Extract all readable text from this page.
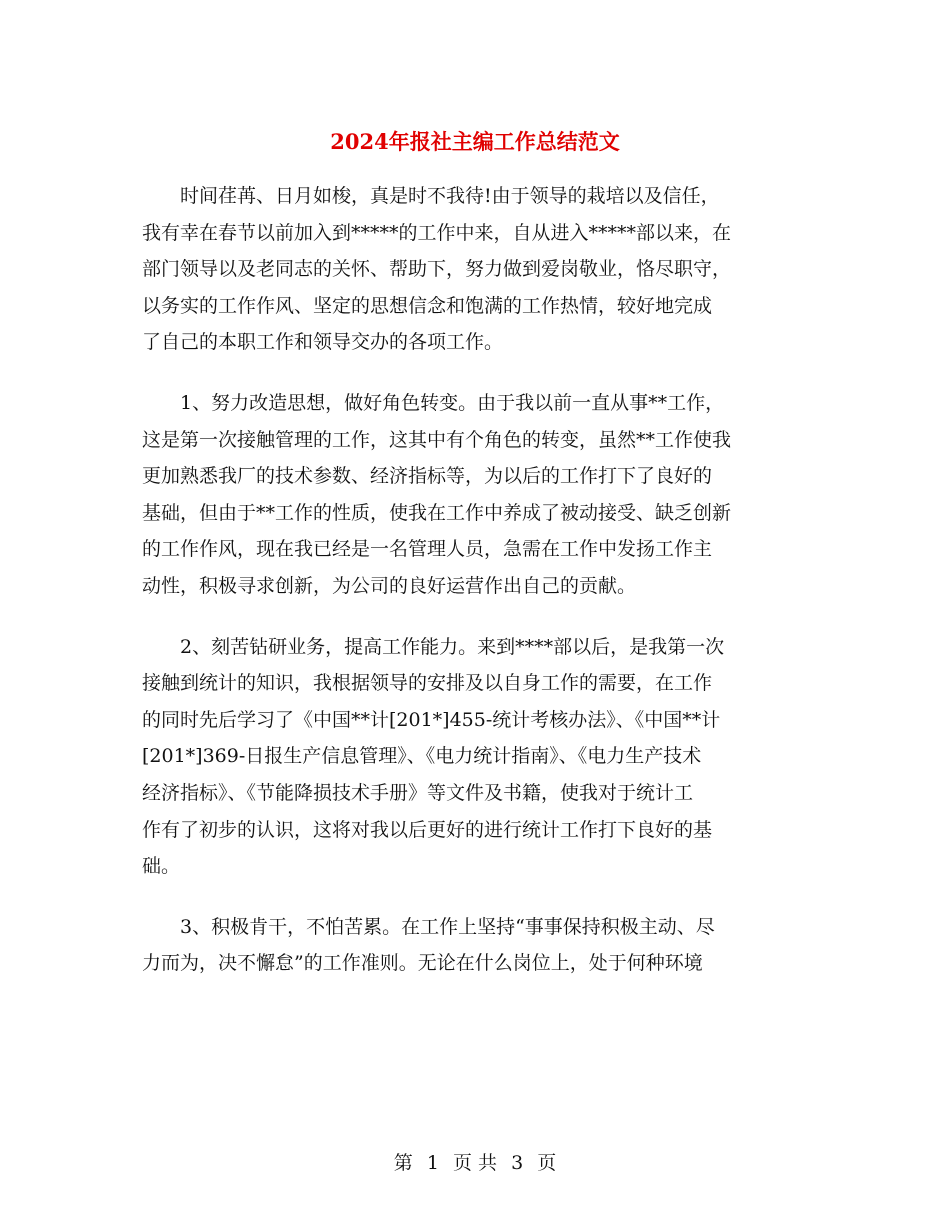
2024年报社主编工作总结范文

时间荏苒、日月如梭，真是时不我待!由于领导的栽培以及信任，
我有幸在春节以前加入到*****的工作中来，自从进入*****部以来，在
部门领导以及老同志的关怀、帮助下，努力做到爱岗敬业，恪尽职守，
以务实的工作作风、坚定的思想信念和饱满的工作热情，较好地完成
了自己的本职工作和领导交办的各项工作。

1、努力改造思想，做好角色转变。由于我以前一直从事**工作，
这是第一次接触管理的工作，这其中有个角色的转变，虽然**工作使我
更加熟悉我厂的技术参数、经济指标等，为以后的工作打下了良好的
基础，但由于**工作的性质，使我在工作中养成了被动接受、缺乏创新
的工作作风，现在我已经是一名管理人员，急需在工作中发扬工作主
动性，积极寻求创新，为公司的良好运营作出自己的贡献。

2、刻苦钻研业务，提高工作能力。来到****部以后，是我第一次
接触到统计的知识，我根据领导的安排及以自身工作的需要，在工作
的同时先后学习了《中国**计[201*]455-统计考核办法》、《中国**计
[201*]369-日报生产信息管理》、《电力统计指南》、《电力生产技术
经济指标》、《节能降损技术手册》等文件及书籍，使我对于统计工
作有了初步的认识，这将对我以后更好的进行统计工作打下良好的基
础。

3、积极肯干，不怕苦累。在工作上坚持“事事保持积极主动、尽
力而为，决不懈怠”的工作准则。无论在什么岗位上，处于何种环境

第 1 页 共 3 页
